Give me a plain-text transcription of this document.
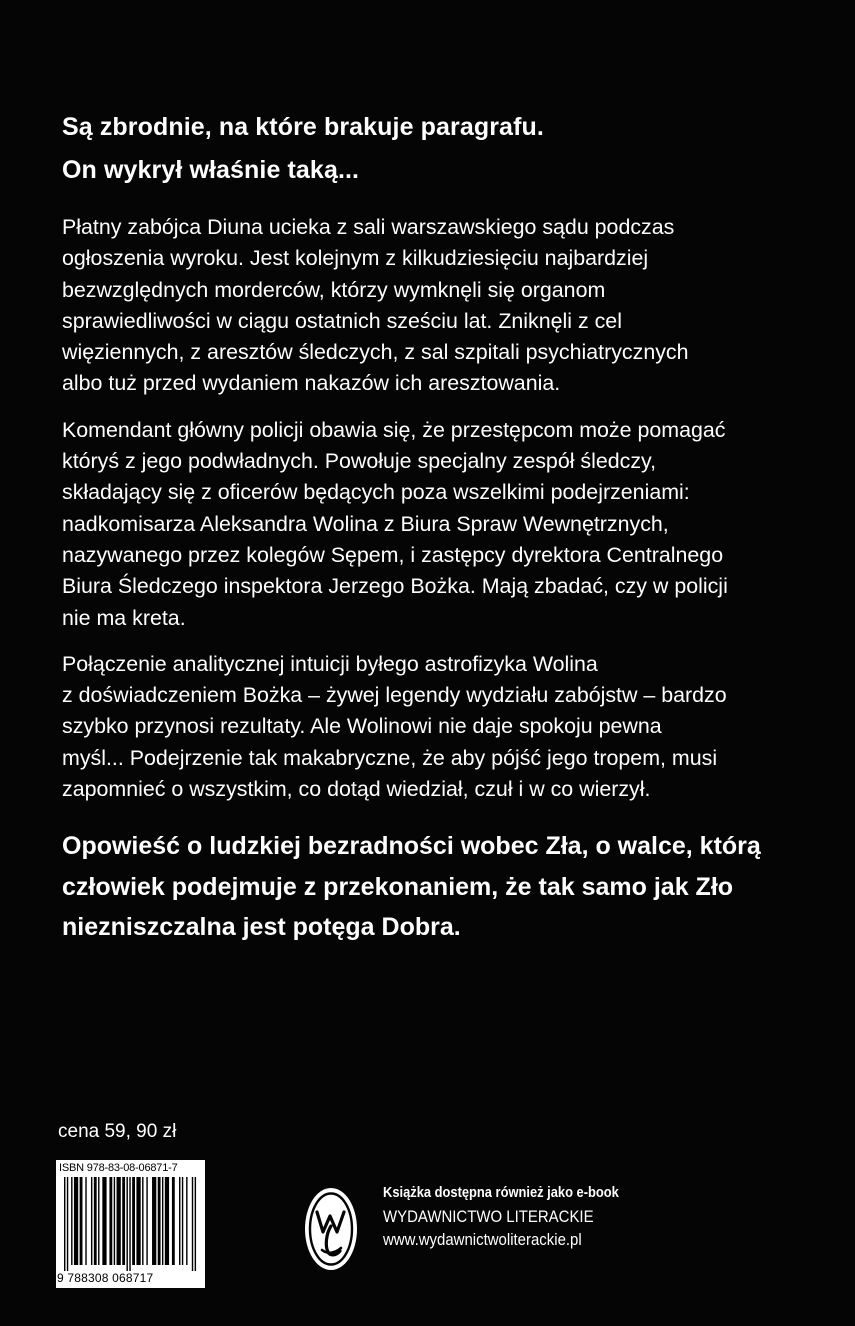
Są zbrodnie, na które brakuje paragrafu.
On wykrył właśnie taką...

Płatny zabójca Diuna ucieka z sali warszawskiego sądu podczas
ogłoszenia wyroku. Jest kolejnym z kilkudziesięciu najbardziej
bezwzględnych morderców, którzy wymknęli się organom
sprawiedliwości w ciągu ostatnich sześciu lat. Zniknęli z cel
więziennych, z aresztów śledczych, z sal szpitali psychiatrycznych
albo tuż przed wydaniem nakazów ich aresztowania.

Komendant główny policji obawia się, że przestępcom może pomagać
któryś z jego podwładnych. Powołuje specjalny zespół śledczy,
składający się z oficerów będących poza wszelkimi podejrzeniami:
nadkomisarza Aleksandra Wolina z Biura Spraw Wewnętrznych,
nazywanego przez kolegów Sępem, i zastępcy dyrektora Centralnego
Biura Śledczego inspektora Jerzego Bożka. Mają zbadać, czy w policji
nie ma kreta.

Połączenie analitycznej intuicji byłego astrofizyka Wolina
z doświadczeniem Bożka – żywej legendy wydziału zabójstw – bardzo
szybko przynosi rezultaty. Ale Wolinowi nie daje spokoju pewna
myśl... Podejrzenie tak makabryczne, że aby pójść jego tropem, musi
zapomnieć o wszystkim, co dotąd wiedział, czuł i w co wierzył.

Opowieść o ludzkiej bezradności wobec Zła, o walce, którą
człowiek podejmuje z przekonaniem, że tak samo jak Zło
niezniszczalna jest potęga Dobra.
cena 59, 90 zł
ISBN 978-83-08-06871-7
9 788308 068717
Książka dostępna również jako e-book
WYDAWNICTWO LITERACKIE
www.wydawnictwoliterackie.pl
